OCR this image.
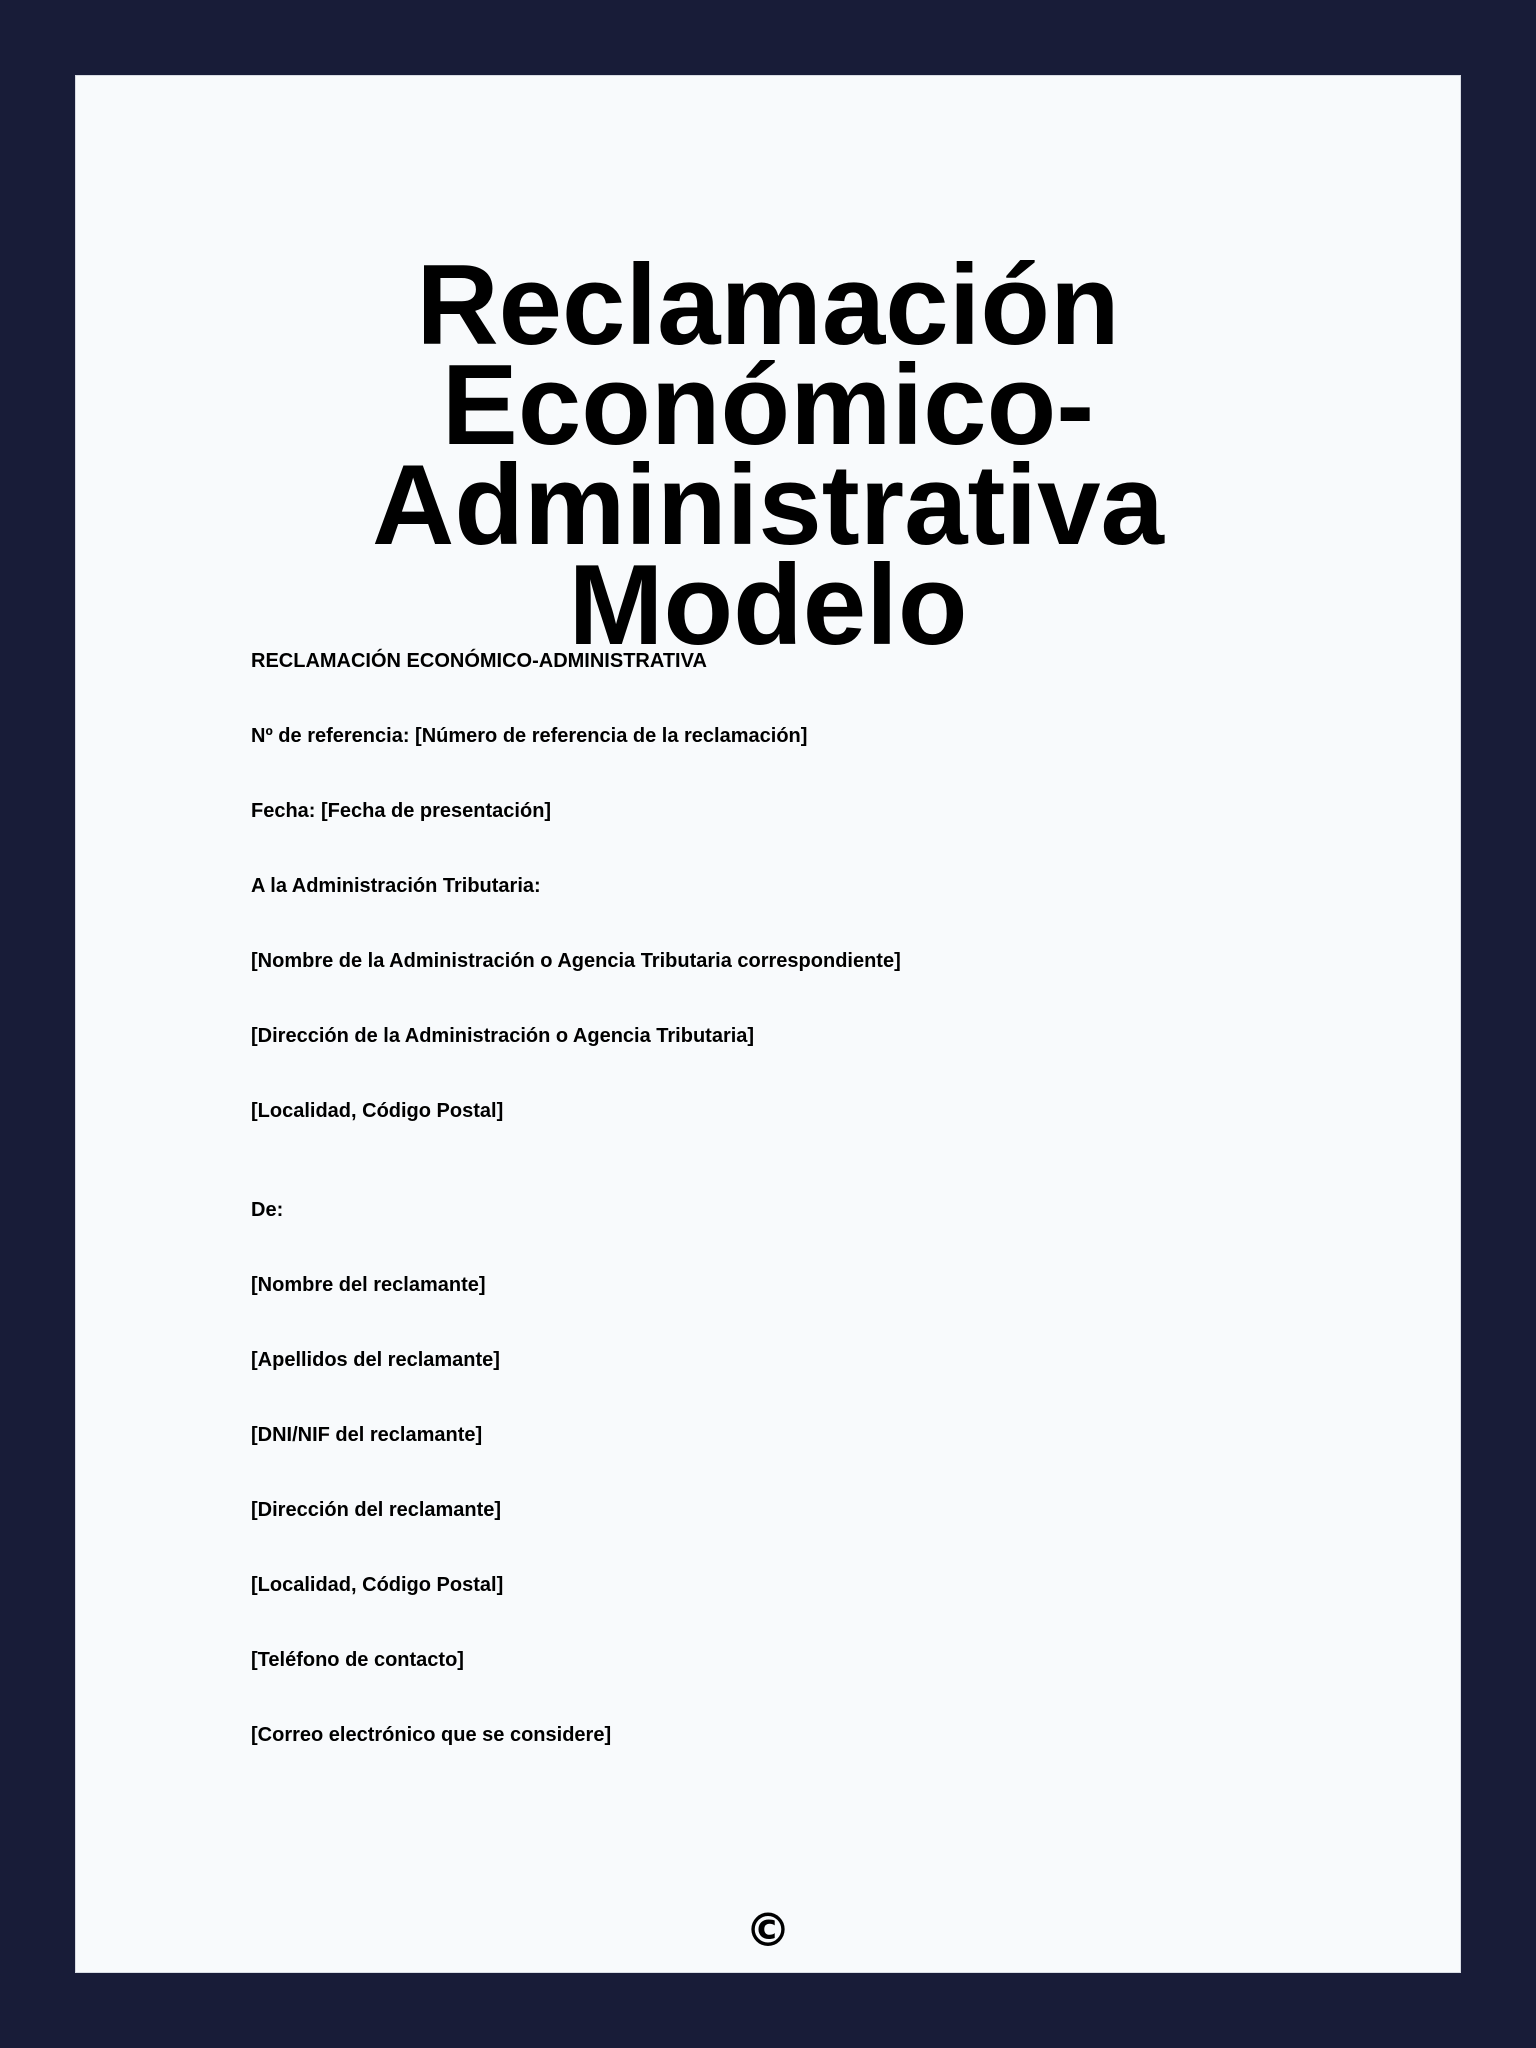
Reclamación
Económico-Administrativa
Modelo

RECLAMACIÓN ECONÓMICO-ADMINISTRATIVA

Nº de referencia: [Número de referencia de la reclamación]

Fecha: [Fecha de presentación]

A la Administración Tributaria:

[Nombre de la Administración o Agencia Tributaria correspondiente]

[Dirección de la Administración o Agencia Tributaria]

[Localidad, Código Postal]

De:

[Nombre del reclamante]

[Apellidos del reclamante]

[DNI/NIF del reclamante]

[Dirección del reclamante]

[Localidad, Código Postal]

[Teléfono de contacto]

[Correo electrónico que se considere]

©
